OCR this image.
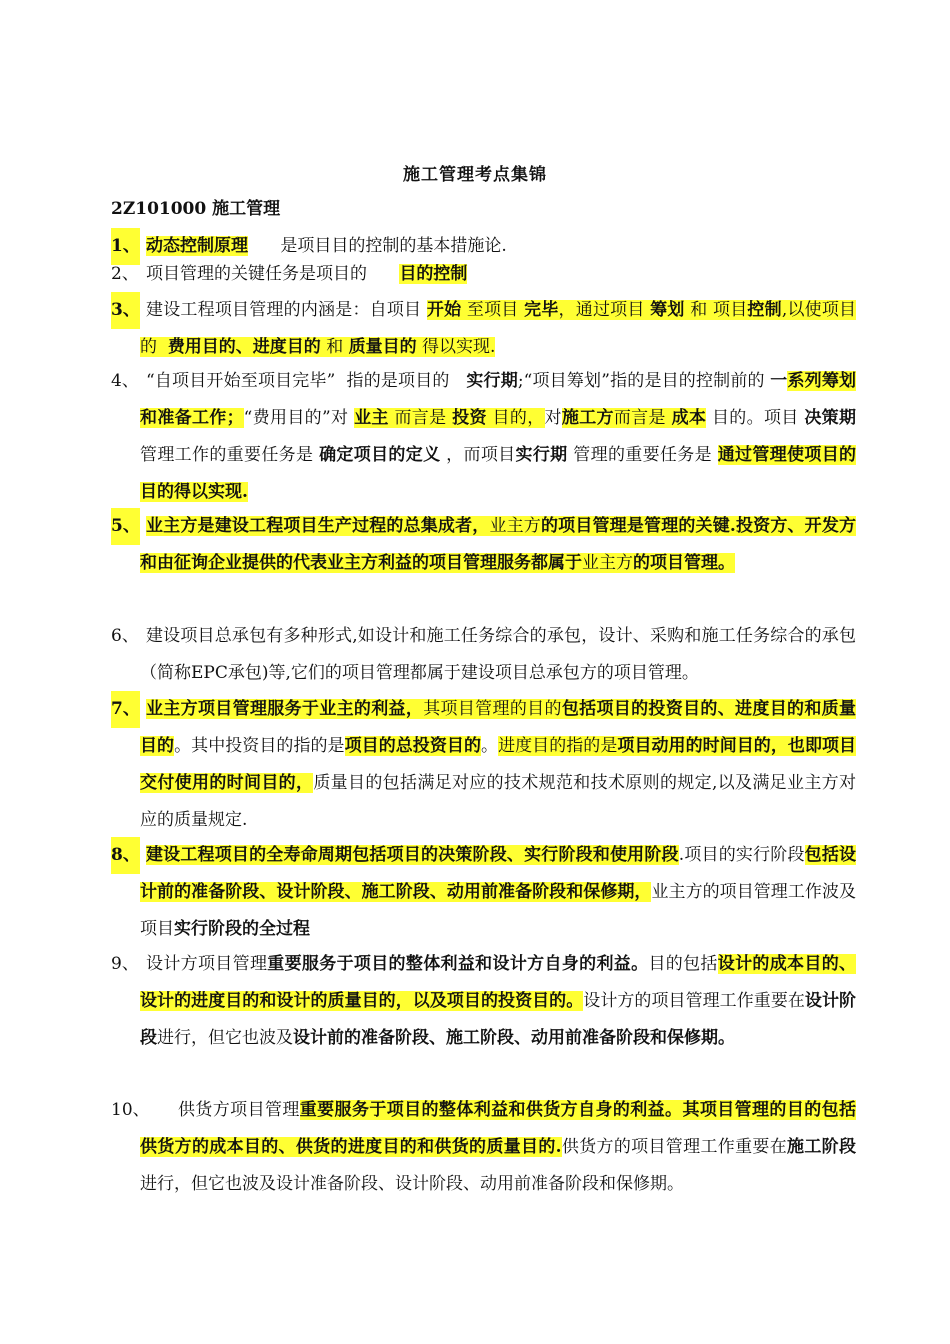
施工管理考点集锦
2Z101000 施工管理
1、 动态控制原理      是项目目的控制的基本措施论.
2、 项目管理的关键任务是项目的      目的控制
3、 建设工程项目管理的内涵是：自项目 开始 至项目 完毕，通过项目 筹划 和 项目控制,以使项目的  费用目的、进度目的 和 质量目的 得以实现.
4、 “自项目开始至项目完毕”  指的是项目的   实行期;“项目筹划”指的是目的控制前的 一系列筹划和准备工作；“费用目的”对 业主 而言是 投资 目的，对施工方而言是 成本 目的。项目 决策期 管理工作的重要任务是 确定项目的定义 ，而项目实行期 管理的重要任务是 通过管理使项目的目的得以实现.
5、 业主方是建设工程项目生产过程的总集成者，业主方的项目管理是管理的关键.投资方、开发方和由征询企业提供的代表业主方利益的项目管理服务都属于业主方的项目管理。
6、 建设项目总承包有多种形式,如设计和施工任务综合的承包，设计、采购和施工任务综合的承包（简称EPC承包)等,它们的项目管理都属于建设项目总承包方的项目管理。
7、 业主方项目管理服务于业主的利益，其项目管理的目的包括项目的投资目的、进度目的和质量目的。其中投资目的指的是项目的总投资目的。进度目的指的是项目动用的时间目的，也即项目交付使用的时间目的，质量目的包括满足对应的技术规范和技术原则的规定,以及满足业主方对应的质量规定.
8、 建设工程项目的全寿命周期包括项目的决策阶段、实行阶段和使用阶段.项目的实行阶段包括设计前的准备阶段、设计阶段、施工阶段、动用前准备阶段和保修期，业主方的项目管理工作波及项目实行阶段的全过程
9、 设计方项目管理重要服务于项目的整体利益和设计方自身的利益。目的包括设计的成本目的、设计的进度目的和设计的质量目的，以及项目的投资目的。设计方的项目管理工作重要在设计阶段进行，但它也波及设计前的准备阶段、施工阶段、动用前准备阶段和保修期。
10、	供货方项目管理重要服务于项目的整体利益和供货方自身的利益。其项目管理的目的包括供货方的成本目的、供货的进度目的和供货的质量目的.供货方的项目管理工作重要在施工阶段进行，但它也波及设计准备阶段、设计阶段、动用前准备阶段和保修期。
